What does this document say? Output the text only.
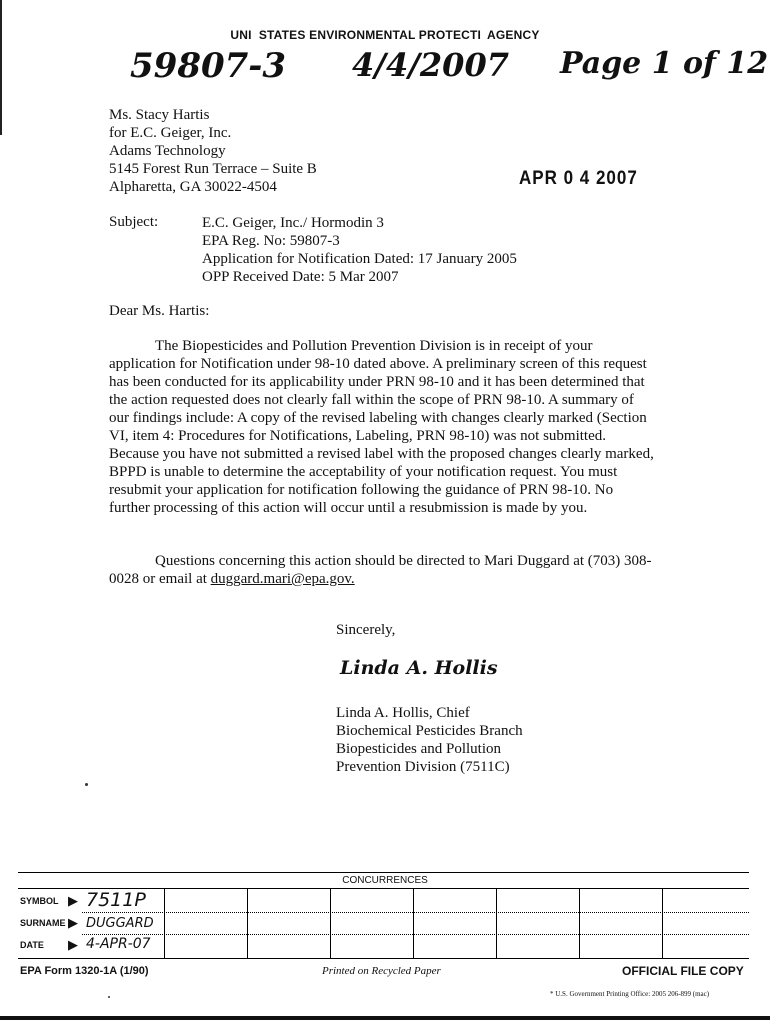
UNI    STATES ENVIRONMENTAL PROTECTI   AGENCY
59807-3 4/4/2007 Page 1 of 12
Ms. Stacy Hartis
for E.C. Geiger, Inc.
Adams Technology
5145 Forest Run Terrace – Suite B
Alpharetta, GA 30022-4504	APR 0 4 2007
Subject:	E.C. Geiger, Inc./ Hormodin 3
EPA Reg. No: 59807-3
Application for Notification Dated: 17 January 2005
OPP Received Date: 5 Mar 2007
Dear Ms. Hartis:

The Biopesticides and Pollution Prevention Division is in receipt of your application for Notification under 98-10 dated above. A preliminary screen of this request has been conducted for its applicability under PRN 98-10 and it has been determined that the action requested does not clearly fall within the scope of PRN 98-10. A summary of our findings include: A copy of the revised labeling with changes clearly marked (Section VI, item 4: Procedures for Notifications, Labeling, PRN 98-10) was not submitted. Because you have not submitted a revised label with the proposed changes clearly marked, BPPD is unable to determine the acceptability of your notification request. You must resubmit your application for notification following the guidance of PRN 98-10. No further processing of this action will occur until a resubmission is made by you.

Questions concerning this action should be directed to Mari Duggard at (703) 308-0028 or email at duggard.mari@epa.gov.

Sincerely,
Linda A. Hollis
Linda A. Hollis, Chief
Biochemical Pesticides Branch
Biopesticides and Pollution
Prevention Division (7511C)
CONCURRENCES
SYMBOL ▶ 7511P
SURNAME ▶ DUGGARD
DATE ▶ 4-APR-07
EPA Form 1320-1A (1/90)	Printed on Recycled Paper	OFFICIAL FILE COPY
* U.S. Government Printing Office: 2005 206-899 (mac)
